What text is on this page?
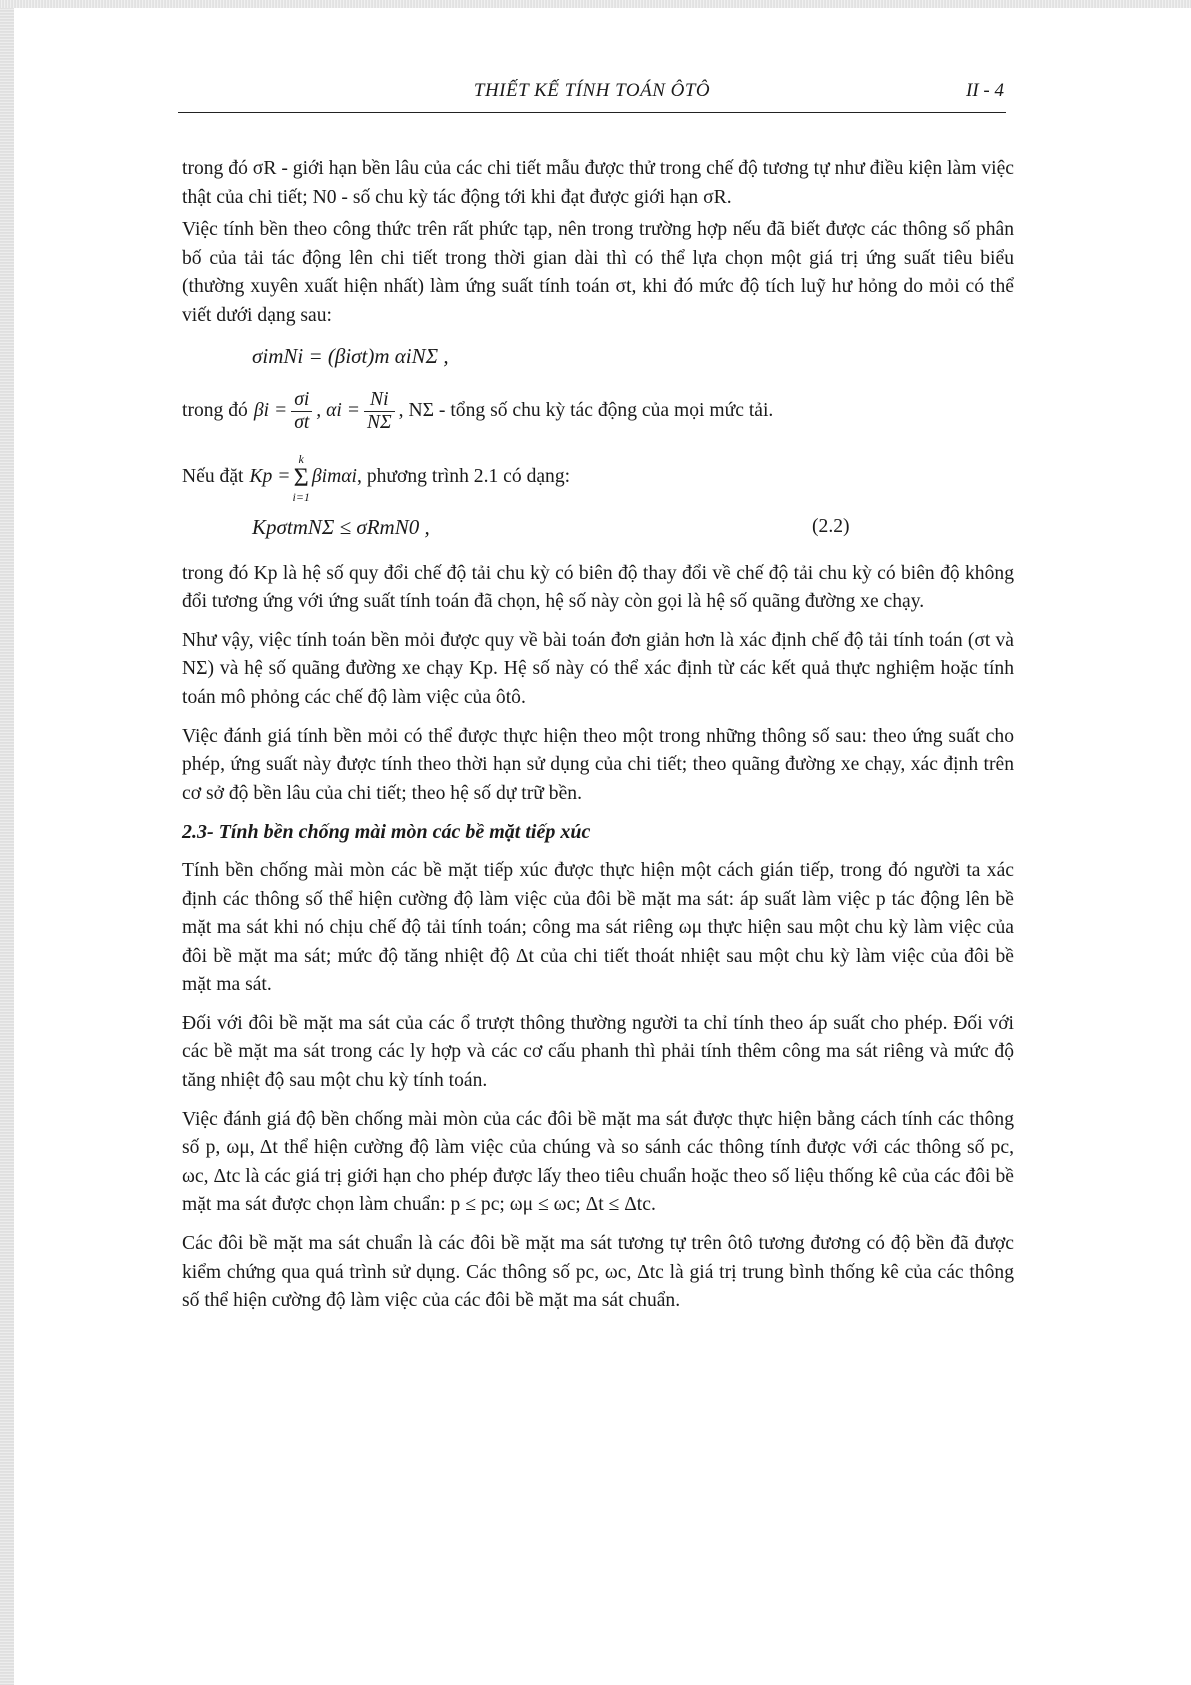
THIẾT KẾ TÍNH TOÁN ÔTÔ	II - 4

trong đó σR - giới hạn bền lâu của các chi tiết mẫu được thử trong chế độ tương tự như điều kiện làm việc thật của chi tiết; N0 - số chu kỳ tác động tới khi đạt được giới hạn σR.

Việc tính bền theo công thức trên rất phức tạp, nên trong trường hợp nếu đã biết được các thông số phân bố của tải tác động lên chi tiết trong thời gian dài thì có thể lựa chọn một giá trị ứng suất tiêu biểu (thường xuyên xuất hiện nhất) làm ứng suất tính toán σt, khi đó mức độ tích luỹ hư hỏng do mỏi có thể viết dưới dạng sau:

σimNi = (βiσt)m αiNΣ ,
trong đó $\beta i = \frac{\sigma i}{\sigma t}$ , $\alpha i = \frac{Ni}{N\Sigma}$ , NΣ - tổng số chu kỳ tác động của mọi mức tải.
Nếu đặt Kp =
k
Σ
i=1
βimαi , phương trình 2.1 có dạng:
KpσtmNΣ ≤ σRmN0 ,	(2.2)

trong đó Kp là hệ số quy đổi chế độ tải chu kỳ có biên độ thay đổi về chế độ tải chu kỳ có biên độ không đổi tương ứng với ứng suất tính toán đã chọn, hệ số này còn gọi là hệ số quãng đường xe chạy.

Như vậy, việc tính toán bền mỏi được quy về bài toán đơn giản hơn là xác định chế độ tải tính toán (σt và NΣ) và hệ số quãng đường xe chạy Kp. Hệ số này có thể xác định từ các kết quả thực nghiệm hoặc tính toán mô phỏng các chế độ làm việc của ôtô.

Việc đánh giá tính bền mỏi có thể được thực hiện theo một trong những thông số sau: theo ứng suất cho phép, ứng suất này được tính theo thời hạn sử dụng của chi tiết; theo quãng đường xe chạy, xác định trên cơ sở độ bền lâu của chi tiết; theo hệ số dự trữ bền.

2.3- Tính bền chống mài mòn các bề mặt tiếp xúc

Tính bền chống mài mòn các bề mặt tiếp xúc được thực hiện một cách gián tiếp, trong đó người ta xác định các thông số thể hiện cường độ làm việc của đôi bề mặt ma sát: áp suất làm việc p tác động lên bề mặt ma sát khi nó chịu chế độ tải tính toán; công ma sát riêng ωμ thực hiện sau một chu kỳ làm việc của đôi bề mặt ma sát; mức độ tăng nhiệt độ Δt của chi tiết thoát nhiệt sau một chu kỳ làm việc của đôi bề mặt ma sát.

Đối với đôi bề mặt ma sát của các ổ trượt thông thường người ta chỉ tính theo áp suất cho phép. Đối với các bề mặt ma sát trong các ly hợp và các cơ cấu phanh thì phải tính thêm công ma sát riêng và mức độ tăng nhiệt độ sau một chu kỳ tính toán.

Việc đánh giá độ bền chống mài mòn của các đôi bề mặt ma sát được thực hiện bằng cách tính các thông số p, ωμ, Δt thể hiện cường độ làm việc của chúng và so sánh các thông tính được với các thông số pc, ωc, Δtc là các giá trị giới hạn cho phép được lấy theo tiêu chuẩn hoặc theo số liệu thống kê của các đôi bề mặt ma sát được chọn làm chuẩn: p ≤ pc; ωμ ≤ ωc; Δt ≤ Δtc.

Các đôi bề mặt ma sát chuẩn là các đôi bề mặt ma sát tương tự trên ôtô tương đương có độ bền đã được kiểm chứng qua quá trình sử dụng. Các thông số pc, ωc, Δtc là giá trị trung bình thống kê của các thông số thể hiện cường độ làm việc của các đôi bề mặt ma sát chuẩn.
